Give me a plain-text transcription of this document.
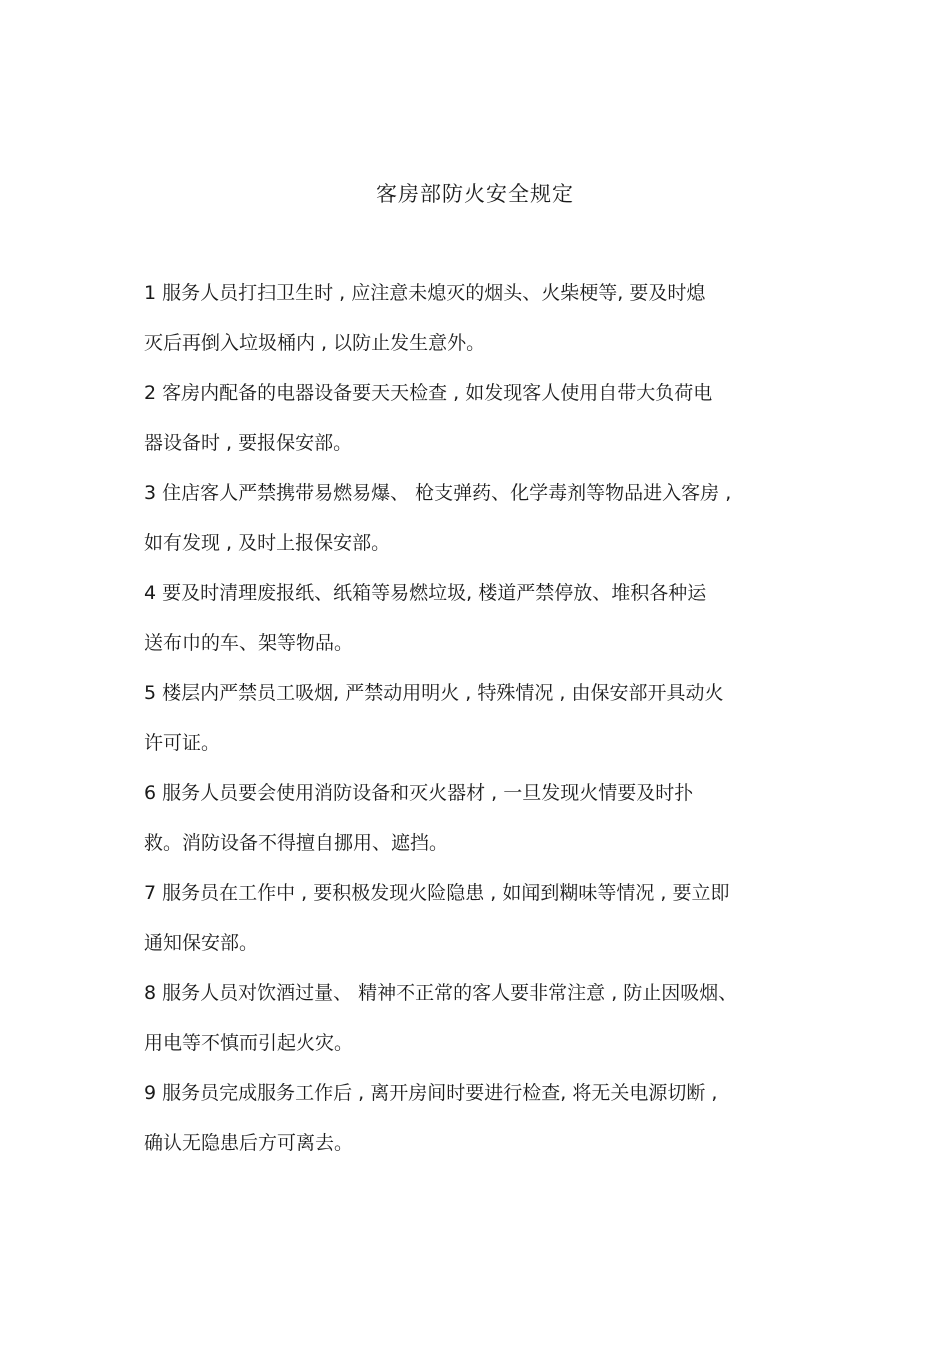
客房部防火安全规定
1 服务人员打扫卫生时 , 应注意未熄灭的烟头、火柴梗等, 要及时熄
灭后再倒入垃圾桶内 , 以防止发生意外。
2 客房内配备的电器设备要天天检查 , 如发现客人使用自带大负荷电
器设备时 , 要报保安部。
3 住店客人严禁携带易燃易爆、 枪支弹药、化学毒剂等物品进入客房 ,
如有发现 , 及时上报保安部。
4 要及时清理废报纸、纸箱等易燃垃圾, 楼道严禁停放、堆积各种运
送布巾的车、架等物品。
5 楼层内严禁员工吸烟, 严禁动用明火 , 特殊情况 , 由保安部开具动火
许可证。
6 服务人员要会使用消防设备和灭火器材 , 一旦发现火情要及时扑
救。消防设备不得擅自挪用、遮挡。
7 服务员在工作中 , 要积极发现火险隐患 , 如闻到糊味等情况 , 要立即
通知保安部。
8 服务人员对饮酒过量、 精神不正常的客人要非常注意 , 防止因吸烟、
用电等不慎而引起火灾。
9 服务员完成服务工作后 , 离开房间时要进行检查, 将无关电源切断 ,
确认无隐患后方可离去。
